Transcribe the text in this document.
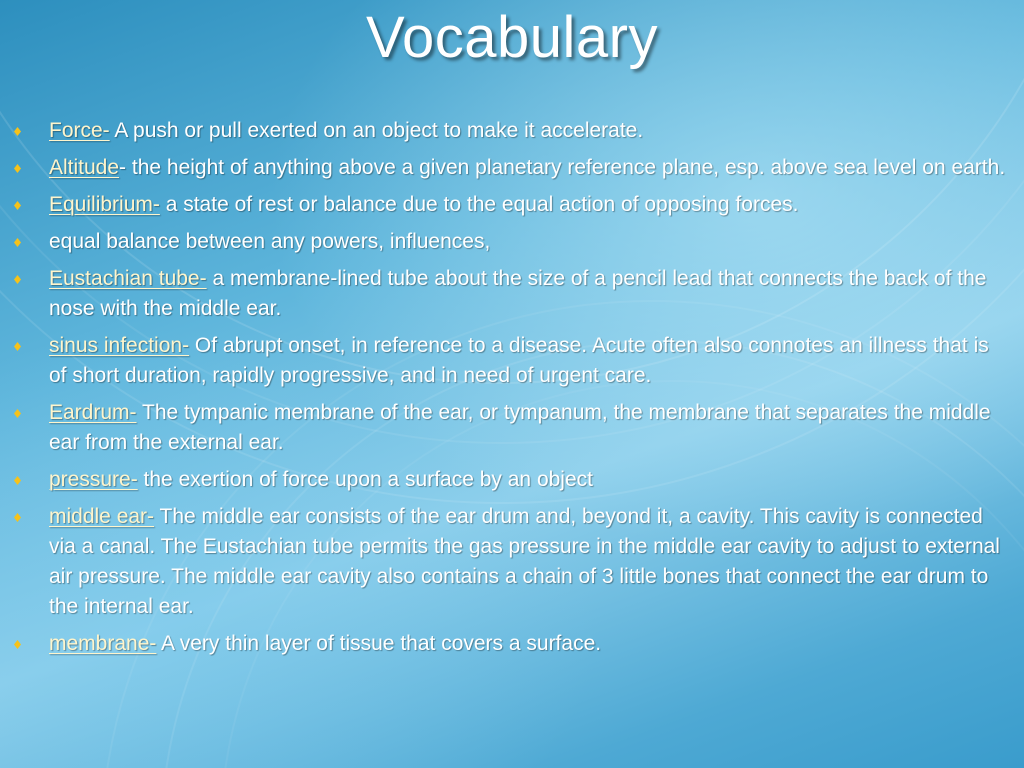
Vocabulary
Force- A push or pull exerted on an object to make it accelerate.
Altitude- the height of anything above a given planetary reference plane, esp. above sea level on earth.
Equilibrium- a state of rest or balance due to the equal action of opposing forces.
equal balance between any powers, influences,
Eustachian tube- a membrane-lined tube about the size of a pencil lead that connects the back of the nose with the middle ear.
sinus infection- Of abrupt onset, in reference to a disease. Acute often also connotes an illness that is of short duration, rapidly progressive, and in need of urgent care.
Eardrum- The tympanic membrane of the ear, or tympanum, the membrane that separates the middle ear from the external ear.
pressure- the exertion of force upon a surface by an object
middle ear- The middle ear consists of the ear drum and, beyond it, a cavity. This cavity is connected via a canal. The Eustachian tube permits the gas pressure in the middle ear cavity to adjust to external air pressure. The middle ear cavity also contains a chain of 3 little bones that connect the ear drum to the internal ear.
membrane- A very thin layer of tissue that covers a surface.
